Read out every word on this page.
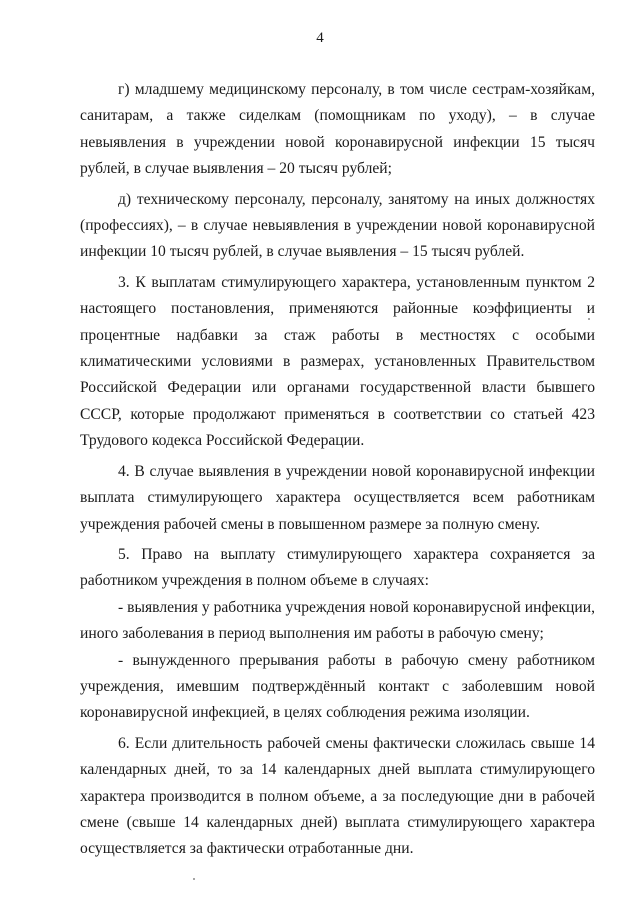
4

г) младшему медицинскому персоналу, в том числе сестрам-хозяйкам, санитарам, а также сиделкам (помощникам по уходу), – в случае невыявления в учреждении новой коронавирусной инфекции 15 тысяч рублей, в случае выявления – 20 тысяч рублей;

д) техническому персоналу, персоналу, занятому на иных должностях (профессиях), – в случае невыявления в учреждении новой коронавирусной инфекции 10 тысяч рублей, в случае выявления – 15 тысяч рублей.

3. К выплатам стимулирующего характера, установленным пунктом 2 настоящего постановления, применяются районные коэффициенты и процентные надбавки за стаж работы в местностях с особыми климатическими условиями в размерах, установленных Правительством Российской Федерации или органами государственной власти бывшего СССР, которые продолжают применяться в соответствии со статьей 423 Трудового кодекса Российской Федерации.

4. В случае выявления в учреждении новой коронавирусной инфекции выплата стимулирующего характера осуществляется всем работникам учреждения рабочей смены в повышенном размере за полную смену.

5. Право на выплату стимулирующего характера сохраняется за работником учреждения в полном объеме в случаях:

- выявления у работника учреждения новой коронавирусной инфекции, иного заболевания в период выполнения им работы в рабочую смену;

- вынужденного прерывания работы в рабочую смену работником учреждения, имевшим подтверждённый контакт с заболевшим новой коронавирусной инфекцией, в целях соблюдения режима изоляции.

6. Если длительность рабочей смены фактически сложилась свыше 14 календарных дней, то за 14 календарных дней выплата стимулирующего характера производится в полном объеме, а за последующие дни в рабочей смене (свыше 14 календарных дней) выплата стимулирующего характера осуществляется за фактически отработанные дни.
